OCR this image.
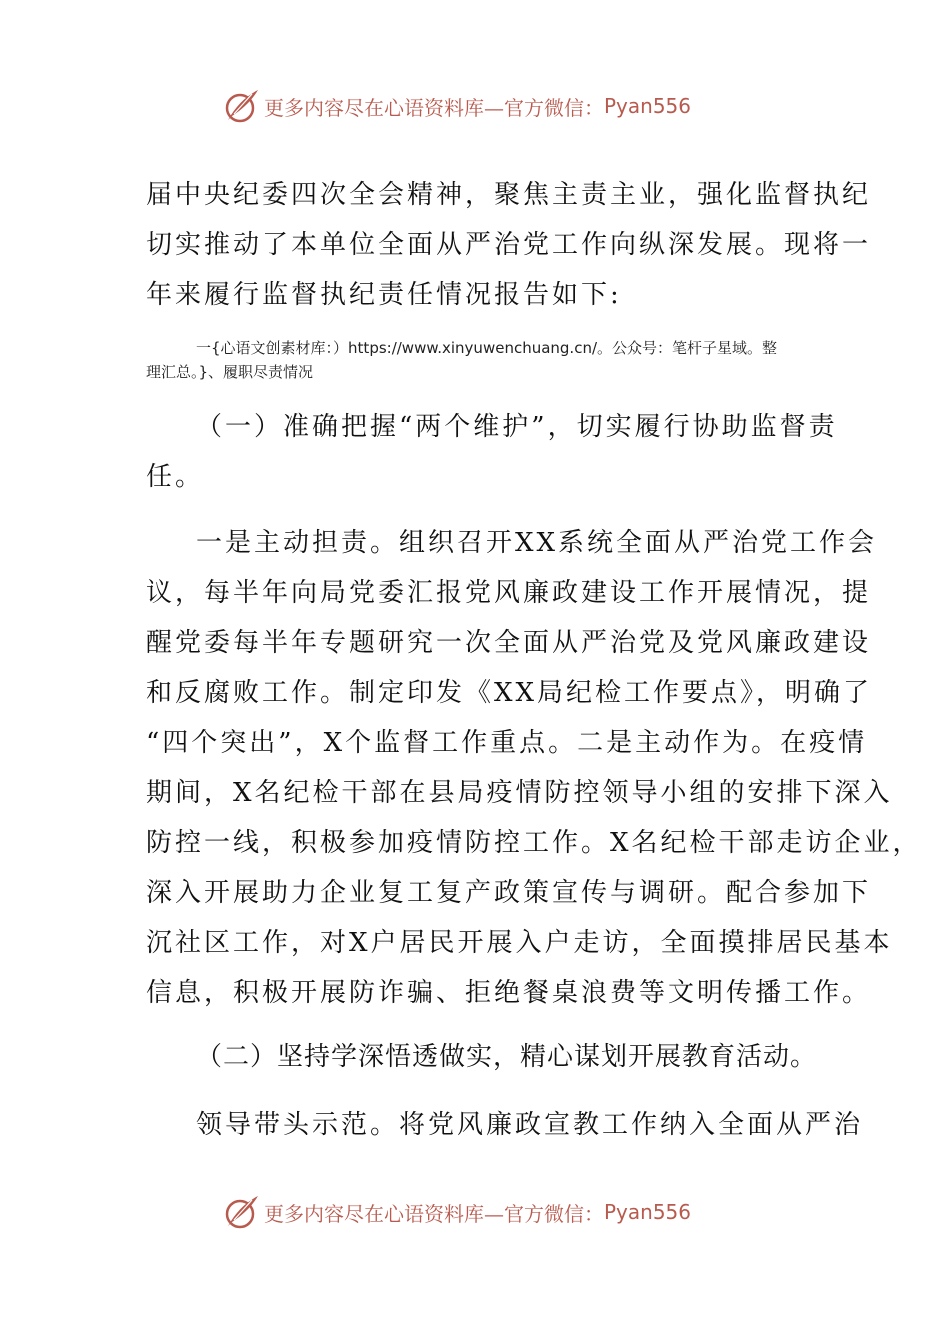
更多内容尽在心语资料库—官方微信： Pyan556
届中央纪委四次全会精神，聚焦主责主业，强化监督执纪
切实推动了本单位全面从严治党工作向纵深发展。现将一
年来履行监督执纪责任情况报告如下:
一{心语文创素材库：）https://www.xinyuwenchuang.cn/。公众号：笔杆子星域。整
理汇总。}、履职尽责情况
（一）准确把握“两个维护”，切实履行协助监督责
任。
一是主动担责。组织召开XX系统全面从严治党工作会
议，每半年向局党委汇报党风廉政建设工作开展情况，提
醒党委每半年专题研究一次全面从严治党及党风廉政建设
和反腐败工作。制定印发《XX局纪检工作要点》，明确了
“四个突出”，X个监督工作重点。二是主动作为。在疫情
期间，X名纪检干部在县局疫情防控领导小组的安排下深入
防控一线，积极参加疫情防控工作。X名纪检干部走访企业，
深入开展助力企业复工复产政策宣传与调研。配合参加下
沉社区工作，对X户居民开展入户走访，全面摸排居民基本
信息，积极开展防诈骗、拒绝餐桌浪费等文明传播工作。
（二）坚持学深悟透做实，精心谋划开展教育活动。
领导带头示范。将党风廉政宣教工作纳入全面从严治
更多内容尽在心语资料库—官方微信： Pyan556
